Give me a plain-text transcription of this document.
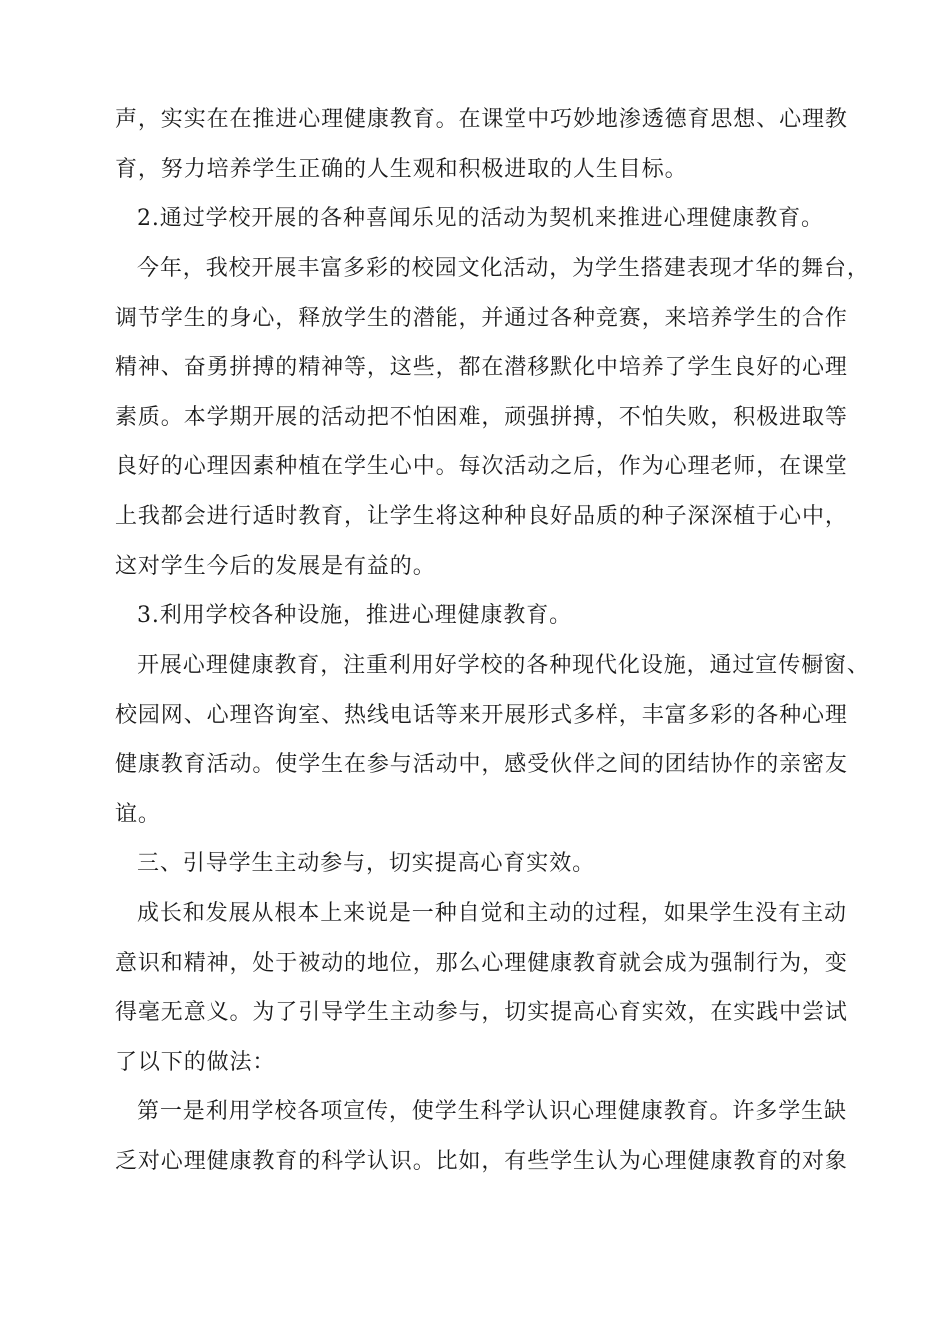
声，实实在在推进心理健康教育。在课堂中巧妙地渗透德育思想、心理教
育，努力培养学生正确的人生观和积极进取的人生目标。
2.通过学校开展的各种喜闻乐见的活动为契机来推进心理健康教育。
今年，我校开展丰富多彩的校园文化活动，为学生搭建表现才华的舞台，
调节学生的身心，释放学生的潜能，并通过各种竞赛，来培养学生的合作
精神、奋勇拼搏的精神等，这些，都在潜移默化中培养了学生良好的心理
素质。本学期开展的活动把不怕困难，顽强拼搏，不怕失败，积极进取等
良好的心理因素种植在学生心中。每次活动之后，作为心理老师，在课堂
上我都会进行适时教育，让学生将这种种良好品质的种子深深植于心中，
这对学生今后的发展是有益的。
3.利用学校各种设施，推进心理健康教育。
开展心理健康教育，注重利用好学校的各种现代化设施，通过宣传橱窗、
校园网、心理咨询室、热线电话等来开展形式多样，丰富多彩的各种心理
健康教育活动。使学生在参与活动中，感受伙伴之间的团结协作的亲密友
谊。
三、引导学生主动参与，切实提高心育实效。
成长和发展从根本上来说是一种自觉和主动的过程，如果学生没有主动
意识和精神，处于被动的地位，那么心理健康教育就会成为强制行为，变
得毫无意义。为了引导学生主动参与，切实提高心育实效，在实践中尝试
了以下的做法：
第一是利用学校各项宣传，使学生科学认识心理健康教育。许多学生缺
乏对心理健康教育的科学认识。比如，有些学生认为心理健康教育的对象
